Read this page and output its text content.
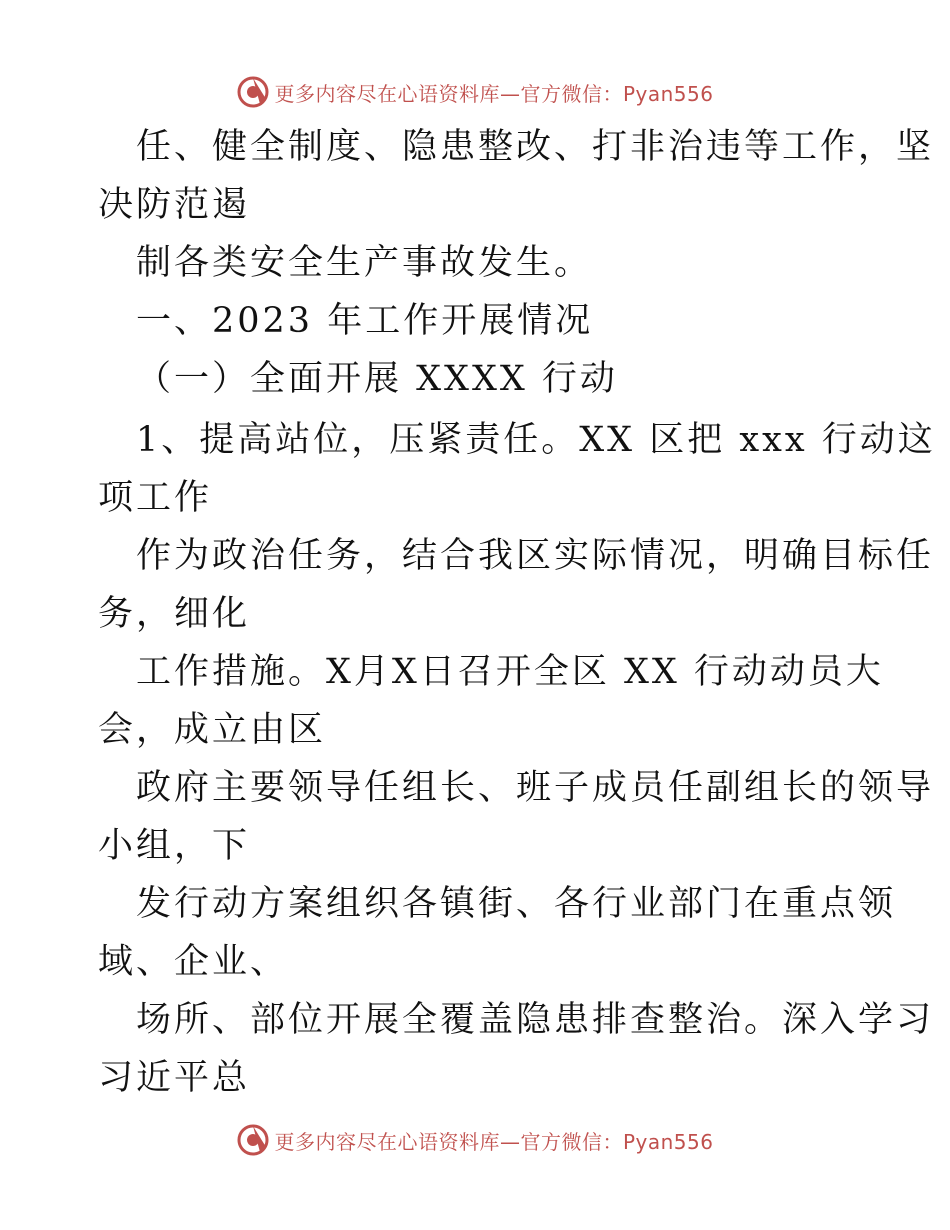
更多内容尽在心语资料库—官方微信：Pyan556
任、健全制度、隐患整改、打非治违等工作，坚
决防范遏
制各类安全生产事故发生。
一、2023 年工作开展情况
（一）全面开展 XXXX 行动
1、提高站位，压紧责任。XX 区把 xxx 行动这
项工作
作为政治任务，结合我区实际情况，明确目标任
务，细化
工作措施。X月X日召开全区 XX 行动动员大
会，成立由区
政府主要领导任组长、班子成员任副组长的领导
小组，下
发行动方案组织各镇街、各行业部门在重点领
域、企业、
场所、部位开展全覆盖隐患排查整治。深入学习
习近平总
更多内容尽在心语资料库—官方微信：Pyan556
